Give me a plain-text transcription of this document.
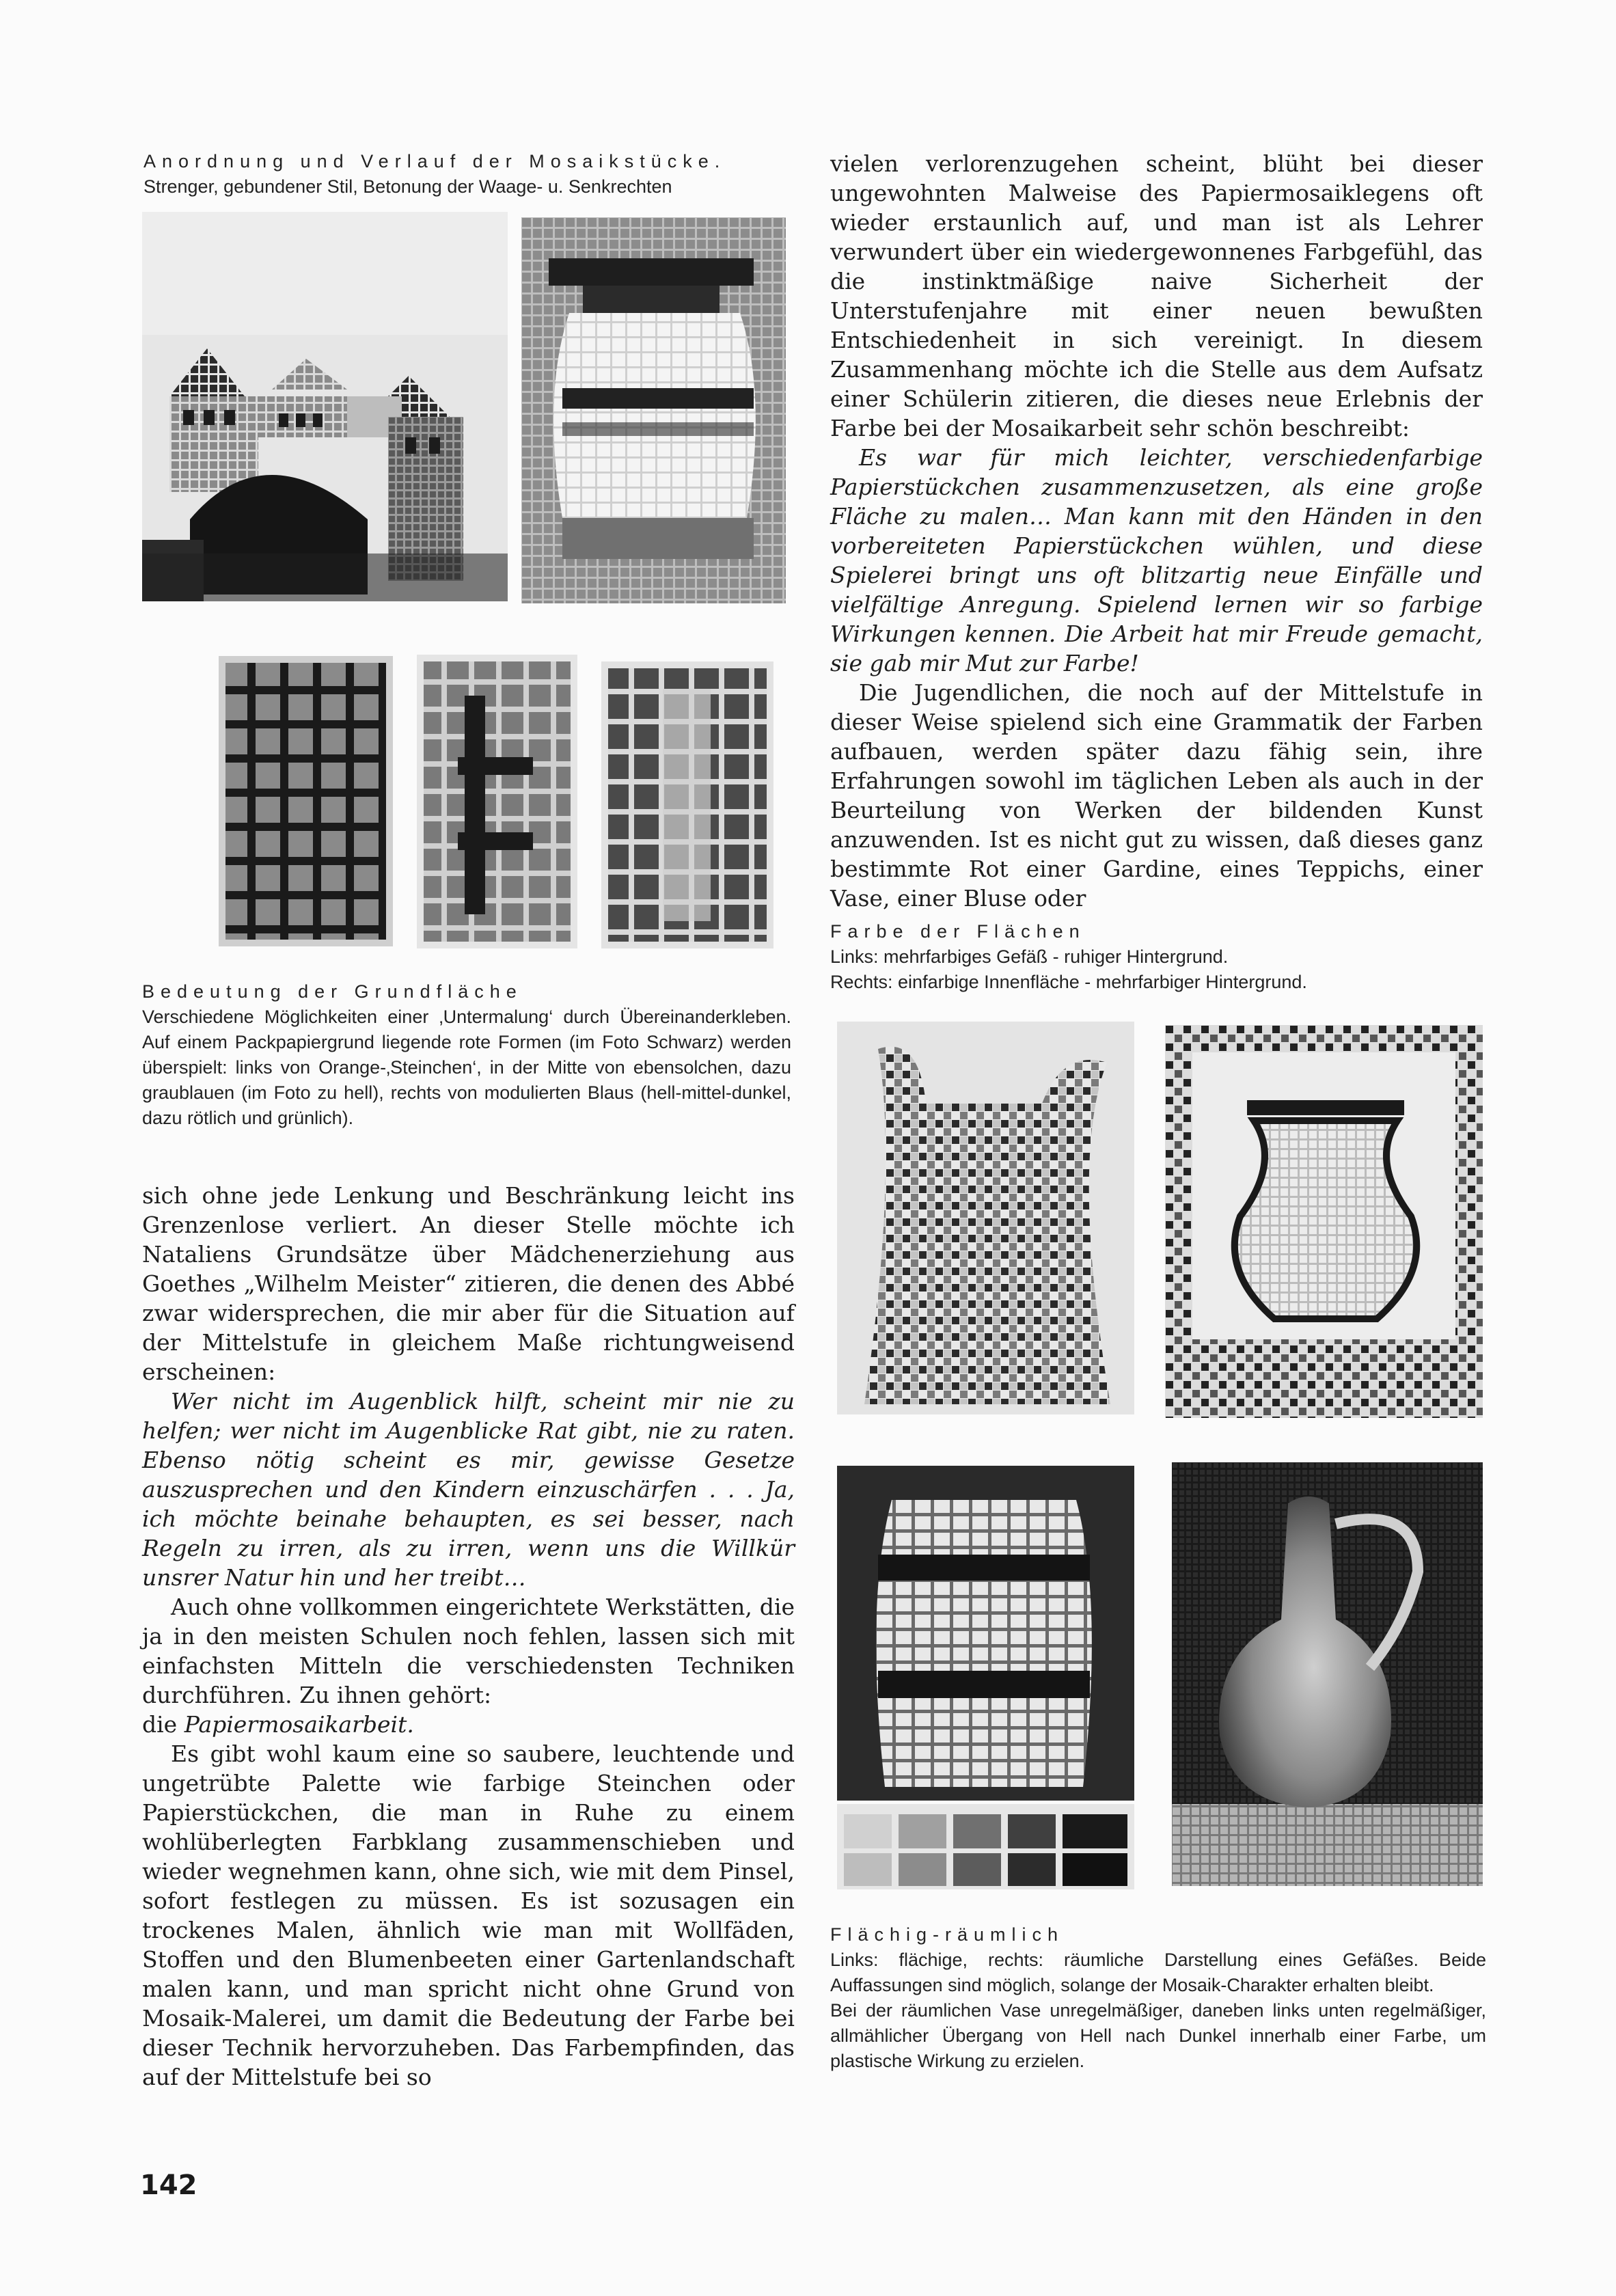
Anordnung und Verlauf der Mosaikstücke.
Strenger, gebundener Stil, Betonung der Waage- u. Senkrechten
Bedeutung der Grundfläche
Verschiedene Möglichkeiten einer ‚Untermalung‘ durch Übereinanderkleben. Auf einem Packpapiergrund liegende rote Formen (im Foto Schwarz) werden überspielt: links von Orange-‚Steinchen‘, in der Mitte von ebensolchen, dazu graublauen (im Foto zu hell), rechts von modulierten Blaus (hell-mittel-dunkel, dazu rötlich und grünlich).

sich ohne jede Lenkung und Beschränkung leicht ins Grenzenlose verliert. An dieser Stelle möchte ich Nataliens Grundsätze über Mädchenerziehung aus Goethes „Wilhelm Meister“ zitieren, die denen des Abbé zwar widersprechen, die mir aber für die Situation auf der Mittelstufe in gleichem Maße richtungweisend erscheinen:

Wer nicht im Augenblick hilft, scheint mir nie zu helfen; wer nicht im Augenblicke Rat gibt, nie zu raten. Ebenso nötig scheint es mir, gewisse Gesetze auszusprechen und den Kindern einzuschärfen . . . Ja, ich möchte beinahe behaupten, es sei besser, nach Regeln zu irren, als zu irren, wenn uns die Willkür unsrer Natur hin und her treibt…

Auch ohne vollkommen eingerichtete Werkstätten, die ja in den meisten Schulen noch fehlen, lassen sich mit einfachsten Mitteln die verschiedensten Techniken durchführen. Zu ihnen gehört:

die Papiermosaikarbeit.

Es gibt wohl kaum eine so saubere, leuchtende und ungetrübte Palette wie farbige Steinchen oder Papierstückchen, die man in Ruhe zu einem wohlüberlegten Farbklang zusammenschieben und wieder wegnehmen kann, ohne sich, wie mit dem Pinsel, sofort festlegen zu müssen. Es ist sozusagen ein trockenes Malen, ähnlich wie man mit Wollfäden, Stoffen und den Blumenbeeten einer Gartenlandschaft malen kann, und man spricht nicht ohne Grund von Mosaik-Malerei, um damit die Bedeutung der Farbe bei dieser Technik hervorzuheben. Das Farbempfinden, das auf der Mittelstufe bei so

vielen verlorenzugehen scheint, blüht bei dieser ungewohnten Malweise des Papiermosaiklegens oft wieder erstaunlich auf, und man ist als Lehrer verwundert über ein wiedergewonnenes Farbgefühl, das die instinktmäßige naive Sicherheit der Unterstufenjahre mit einer neuen bewußten Entschiedenheit in sich vereinigt. In diesem Zusammenhang möchte ich die Stelle aus dem Aufsatz einer Schülerin zitieren, die dieses neue Erlebnis der Farbe bei der Mosaikarbeit sehr schön beschreibt:

Es war für mich leichter, verschiedenfarbige Papierstückchen zusammenzusetzen, als eine große Fläche zu malen… Man kann mit den Händen in den vorbereiteten Papierstückchen wühlen, und diese Spielerei bringt uns oft blitzartig neue Einfälle und vielfältige Anregung. Spielend lernen wir so farbige Wirkungen kennen. Die Arbeit hat mir Freude gemacht, sie gab mir Mut zur Farbe!

Die Jugendlichen, die noch auf der Mittelstufe in dieser Weise spielend sich eine Grammatik der Farben aufbauen, werden später dazu fähig sein, ihre Erfahrungen sowohl im täglichen Leben als auch in der Beurteilung von Werken der bildenden Kunst anzuwenden. Ist es nicht gut zu wissen, daß dieses ganz bestimmte Rot einer Gardine, eines Teppichs, einer Vase, einer Bluse oder

Farbe der Flächen
Links: mehrfarbiges Gefäß - ruhiger Hintergrund.
Rechts: einfarbige Innenfläche - mehrfarbiger Hintergrund.
Flächig-räumlich
Links: flächige, rechts: räumliche Darstellung eines Gefäßes. Beide Auffassungen sind möglich, solange der Mosaik-Charakter erhalten bleibt.
Bei der räumlichen Vase unregelmäßiger, daneben links unten regelmäßiger, allmählicher Übergang von Hell nach Dunkel innerhalb einer Farbe, um plastische Wirkung zu erzielen.
142
